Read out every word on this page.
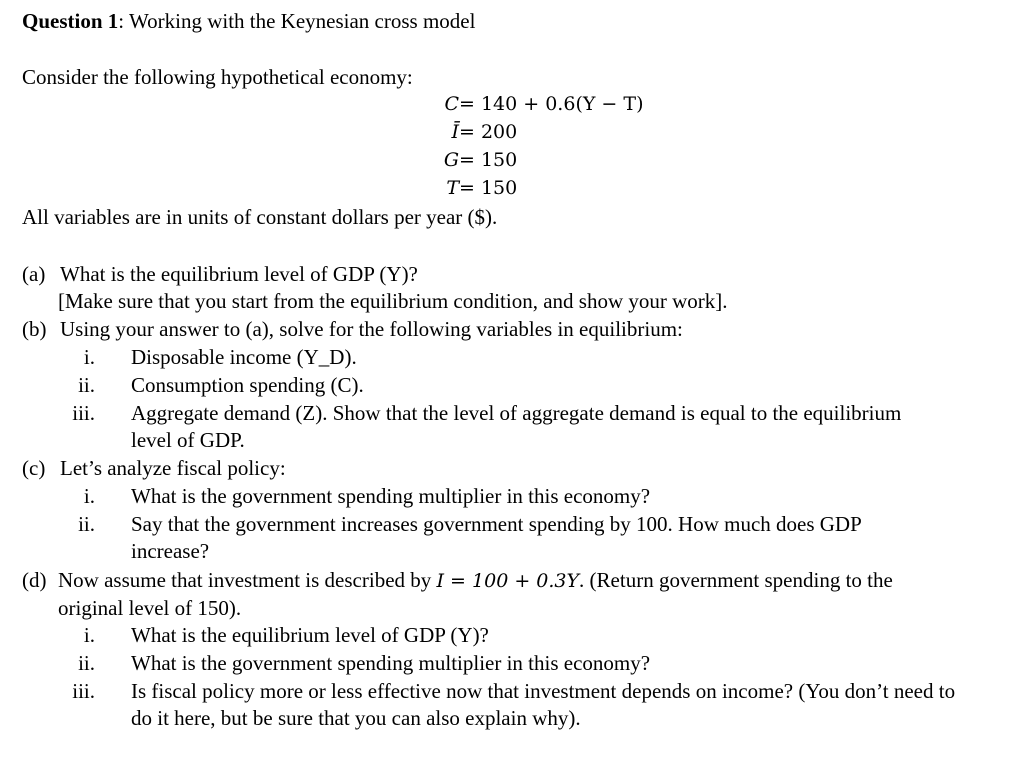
Question 1: Working with the Keynesian cross model
Consider the following hypothetical economy:
C= 140 + 0.6(Y − T)
Ī= 200
G= 150
T= 150
All variables are in units of constant dollars per year ($).
(a) What is the equilibrium level of GDP (Y)?
[Make sure that you start from the equilibrium condition, and show your work].
(b) Using your answer to (a), solve for the following variables in equilibrium:
i. Disposable income (Y_D).
ii. Consumption spending (C).
iii. Aggregate demand (Z). Show that the level of aggregate demand is equal to the equilibrium level of GDP.
(c) Let’s analyze fiscal policy:
i. What is the government spending multiplier in this economy?
ii. Say that the government increases government spending by 100. How much does GDP increase?
(d) Now assume that investment is described by I = 100 + 0.3Y. (Return government spending to the original level of 150).
i. What is the equilibrium level of GDP (Y)?
ii. What is the government spending multiplier in this economy?
iii. Is fiscal policy more or less effective now that investment depends on income? (You don’t need to do it here, but be sure that you can also explain why).
